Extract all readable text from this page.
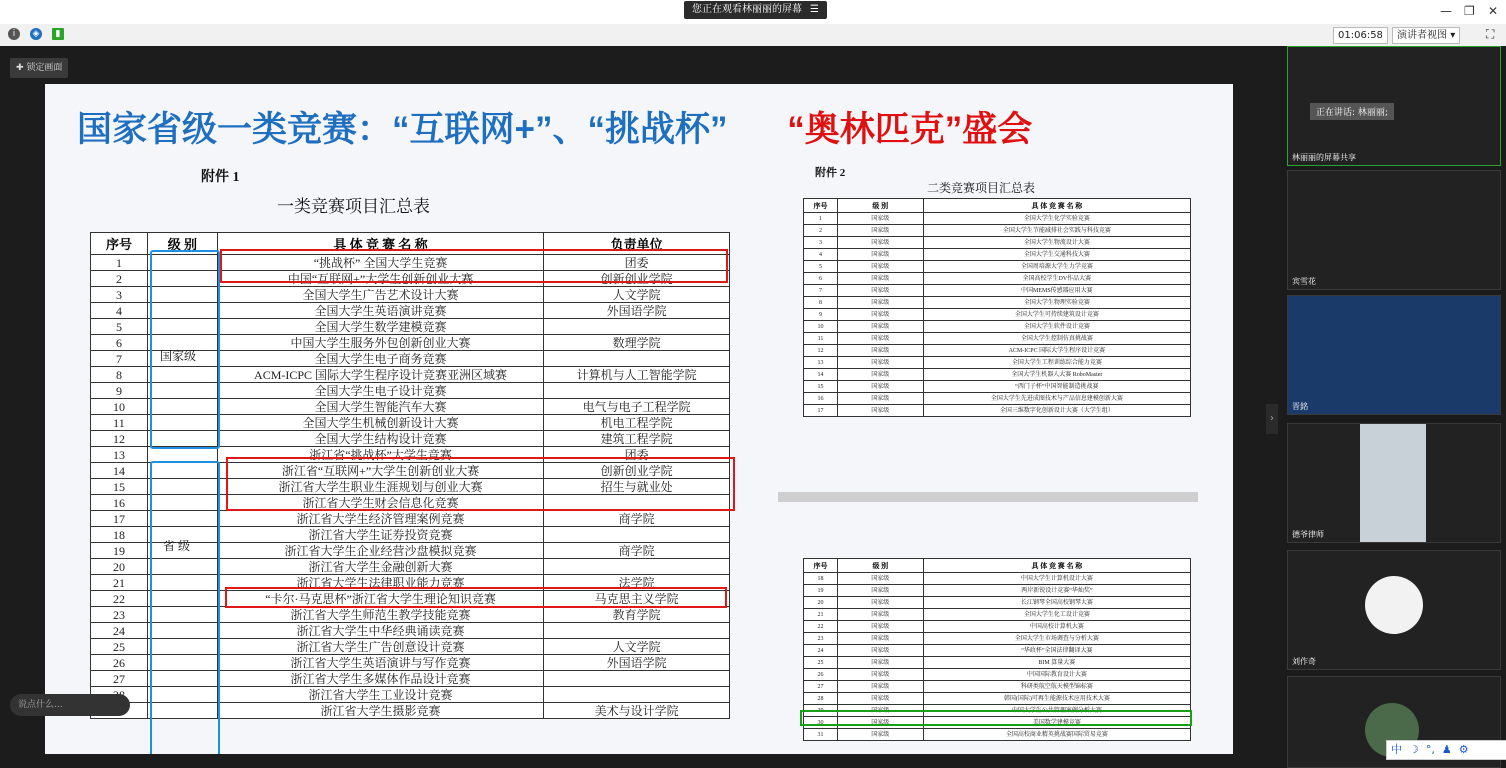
您正在观看林丽丽的屏幕 ☰	— ❐ ✕
i	◈	▮	01:06:58	演讲者视图 ▾	⛶
✚ 锁定画面
国家省级一类竞赛：“互联网+”、“挑战杯” “奥林匹克”盛会
附件 1
一类竞赛项目汇总表
序号	级 别	具 体 竞 赛 名 称	负责单位
1		“挑战杯” 全国大学生竞赛	团委
2		中国“互联网+”大学生创新创业大赛	创新创业学院
3		全国大学生广告艺术设计大赛	人文学院
4		全国大学生英语演讲竞赛	外国语学院
5		全国大学生数学建模竞赛	
6		中国大学生服务外包创新创业大赛	数理学院
7		全国大学生电子商务竞赛	
8		ACM-ICPC 国际大学生程序设计竞赛亚洲区域赛	计算机与人工智能学院
9		全国大学生电子设计竞赛	
10		全国大学生智能汽车大赛	电气与电子工程学院
11		全国大学生机械创新设计大赛	机电工程学院
12		全国大学生结构设计竞赛	建筑工程学院
13		浙江省“挑战杯”大学生竞赛	团委
14		浙江省“互联网+”大学生创新创业大赛	创新创业学院
15		浙江省大学生职业生涯规划与创业大赛	招生与就业处
16		浙江省大学生财会信息化竞赛	
17		浙江省大学生经济管理案例竞赛	商学院
18		浙江省大学生证券投资竞赛	
19		浙江省大学生企业经营沙盘模拟竞赛	商学院
20		浙江省大学生金融创新大赛	
21		浙江省大学生法律职业能力竞赛	法学院
22		“卡尔·马克思杯”浙江省大学生理论知识竞赛	马克思主义学院
23		浙江省大学生师范生教学技能竞赛	教育学院
24		浙江省大学生中华经典诵读竞赛	
25		浙江省大学生广告创意设计竞赛	人文学院
26		浙江省大学生英语演讲与写作竞赛	外国语学院
27		浙江省大学生多媒体作品设计竞赛	
		浙江省大学生工业设计竞赛	
		浙江省大学生摄影竞赛	美术与设计学院
国家级
省 级
附件 2
二类竞赛项目汇总表
序号	级 别	具 体 竞 赛 名 称
1	国家级	全国大学生化学实验竞赛
2	国家级	全国大学生节能减排社会实践与科技竞赛
3	国家级	全国大学生物流设计大赛
4	国家级	全国大学生交通科技大赛
5	国家级	全国周培源大学生力学竞赛
6	国家级	全国高校学生DV作品大赛
7	国家级	中国MEMS传感器应用大赛
8	国家级	全国大学生物理实验竞赛
9	国家级	全国大学生可持续建筑设计竞赛
10	国家级	全国大学生软件设计竞赛
11	国家级	全国大学生控制仿真挑战赛
12	国家级	ACM-ICPC 国际大学生程序设计竞赛
13	国家级	全国大学生工程训练综合能力竞赛
14	国家级	全国大学生机器人大赛 RoboMaster
15	国家级	“西门子杯”中国智能制造挑战赛
16	国家级	全国大学生先进成图技术与产品信息建模创新大赛
17	国家级	全国三维数字化创新设计大赛（大学生组）
序号	级 别	具 体 竞 赛 名 称
18	国家级	中国大学生计算机设计大赛
19	国家级	两岸新锐设计竞赛“华灿奖”
20	国家级	长江钢琴全国高校钢琴大赛
21	国家级	全国大学生化工设计竞赛
22	国家级	中国高校计算机大赛
23	国家级	全国大学生市场调查与分析大赛
24	国家级	“华政杯”全国法律翻译大赛
25	国家级	BIM 算量大赛
26	国家级	中国国际教育设计大赛
27	国家级	科研类航空航天模型锦标赛
28	国家级	韩国(国际)可再生能源技术应用技术大赛
29	国家级	中国大学生公共管理案例分析大赛
30	国家级	美国数学建模竞赛
31	国家级	全国高校商业精英挑战赛国际贸易竞赛
›
说点什么...
正在讲话: 林丽丽;
林丽丽的屏幕共享
宾雪花
晋銘
德爷律师
刘作奇
中 ☽ °, ♟ ⚙
